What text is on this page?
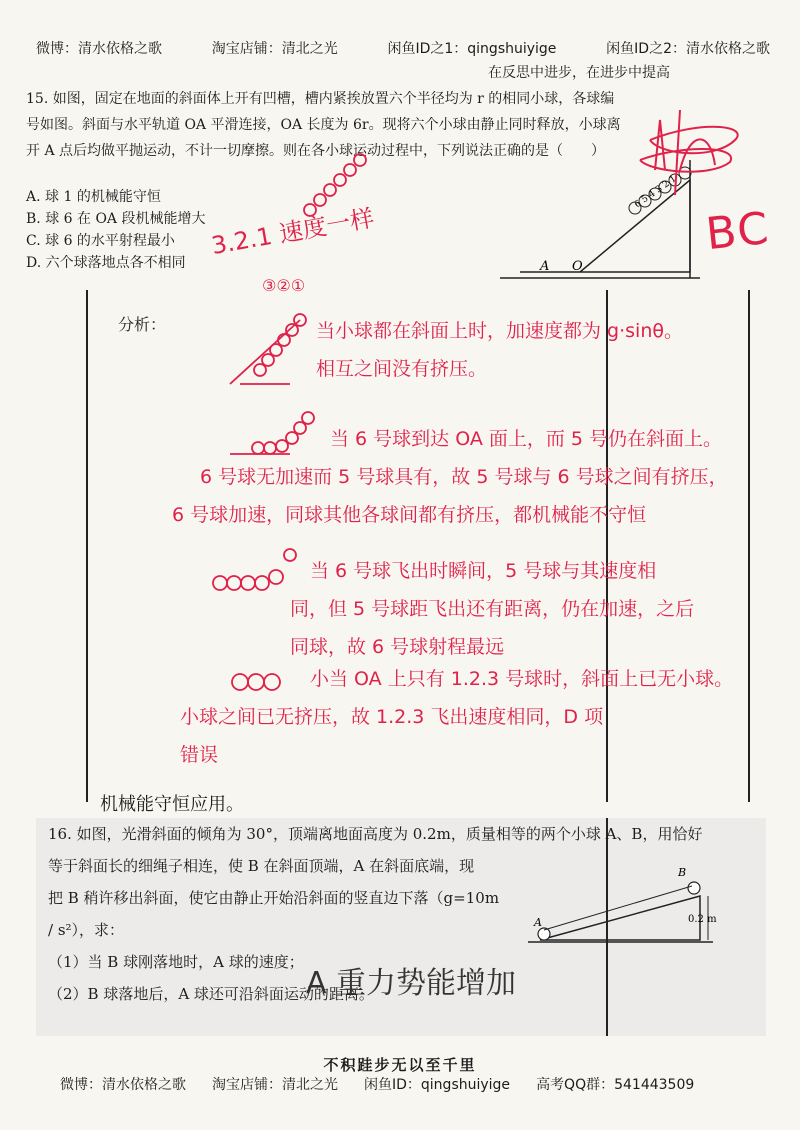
微博：清水依格之歌	淘宝店铺：清北之光	闲鱼ID之1：qingshuiyige	闲鱼ID之2：清水依格之歌
在反思中进步，在进步中提高
15. 如图，固定在地面的斜面体上开有凹槽，槽内紧挨放置六个半径均为 r 的相同小球，各球编
号如图。斜面与水平轨道 OA 平滑连接，OA 长度为 6r。现将六个小球由静止同时释放，小球离
开 A 点后均做平抛运动，不计一切摩擦。则在各小球运动过程中，下列说法正确的是（　　）
A. 球 1 的机械能守恒
B. 球 6 在 OA 段机械能增大
C. 球 6 的水平射程最小
D. 六个球落地点各不相同	A O
6 5 4 3 2 1
3.2.1 速度一样
③②①
BC
分析：	当小球都在斜面上时，加速度都为 g·sinθ。
相互之间没有挤压。
当 6 号球到达 OA 面上，而 5 号仍在斜面上。
6 号球无加速而 5 号球具有，故 5 号球与 6 号球之间有挤压，
6 号球加速，同球其他各球间都有挤压，都机械能不守恒
当 6 号球飞出时瞬间，5 号球与其速度相
同，但 5 号球距飞出还有距离，仍在加速，之后
同球，故 6 号球射程最远
小当 OA 上只有 1.2.3 号球时，斜面上已无小球。
小球之间已无挤压，故 1.2.3 飞出速度相同，D 项
错误
机械能守恒应用。
16. 如图，光滑斜面的倾角为 30°，顶端离地面高度为 0.2m，质量相等的两个小球 A、B，用恰好
等于斜面长的细绳子相连，使 B 在斜面顶端，A 在斜面底端，现
把 B 稍许移出斜面，使它由静止开始沿斜面的竖直边下落（g=10m
/ s²），求：
（1）当 B 球刚落地时，A 球的速度；
（2）B 球落地后，A 球还可沿斜面运动的距离。
A
B
0.2 m
A 重力势能增加
不积跬步无以至千里
微博：清水依格之歌 淘宝店铺：清北之光 闲鱼ID：qingshuiyige 高考QQ群：541443509
